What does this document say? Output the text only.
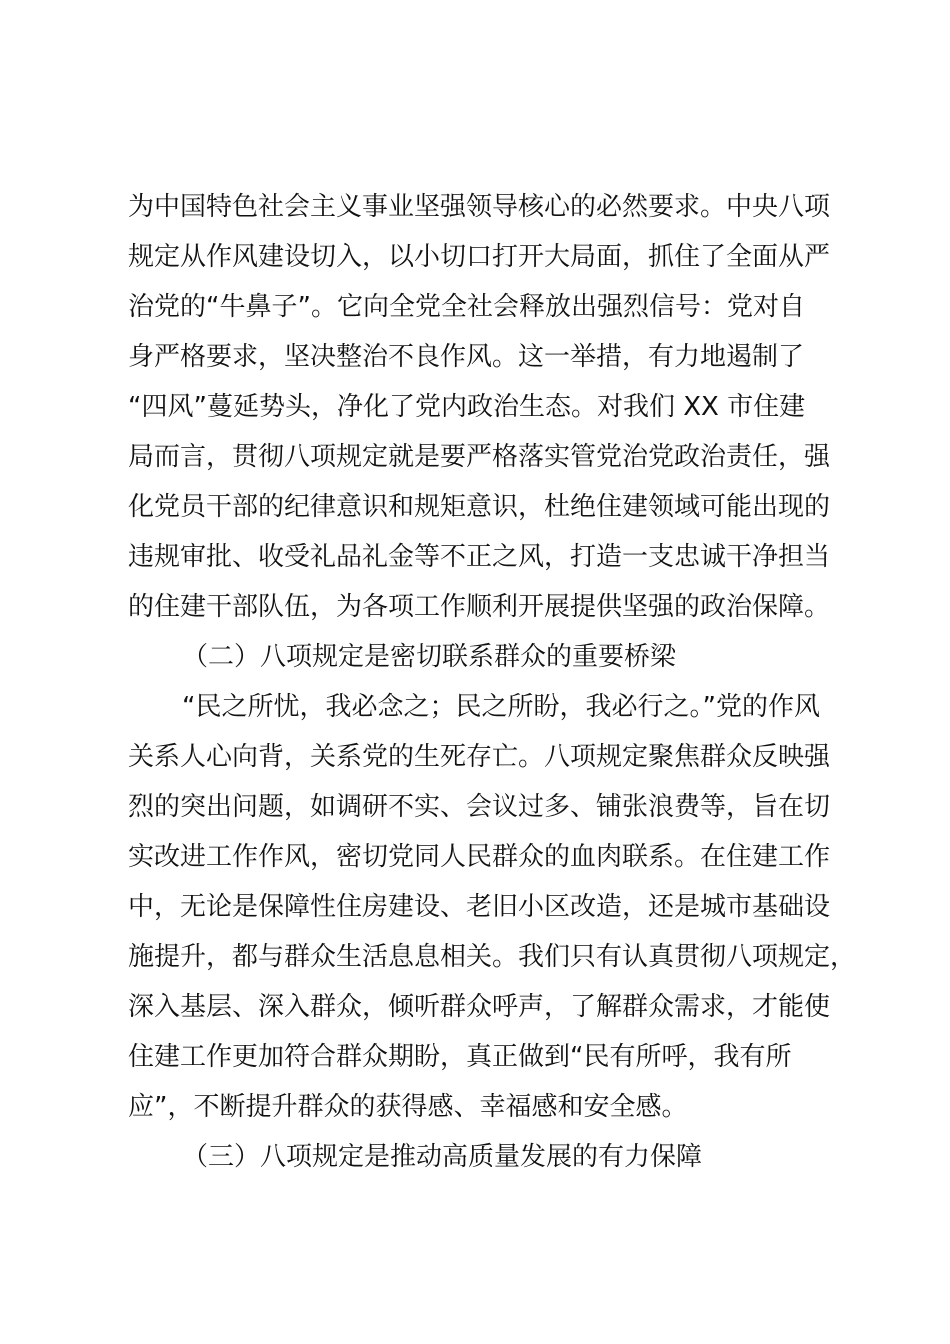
为中国特色社会主义事业坚强领导核心的必然要求。中央八项
规定从作风建设切入，以小切口打开大局面，抓住了全面从严
治党的“牛鼻子”。它向全党全社会释放出强烈信号：党对自
身严格要求，坚决整治不良作风。这一举措，有力地遏制了
“四风”蔓延势头，净化了党内政治生态。对我们 XX 市住建
局而言，贯彻八项规定就是要严格落实管党治党政治责任，强
化党员干部的纪律意识和规矩意识，杜绝住建领域可能出现的
违规审批、收受礼品礼金等不正之风，打造一支忠诚干净担当
的住建干部队伍，为各项工作顺利开展提供坚强的政治保障。
（二）八项规定是密切联系群众的重要桥梁
“民之所忧，我必念之；民之所盼，我必行之。”党的作风
关系人心向背，关系党的生死存亡。八项规定聚焦群众反映强
烈的突出问题，如调研不实、会议过多、铺张浪费等，旨在切
实改进工作作风，密切党同人民群众的血肉联系。在住建工作
中，无论是保障性住房建设、老旧小区改造，还是城市基础设
施提升，都与群众生活息息相关。我们只有认真贯彻八项规定，
深入基层、深入群众，倾听群众呼声，了解群众需求，才能使
住建工作更加符合群众期盼，真正做到“民有所呼，我有所
应”，不断提升群众的获得感、幸福感和安全感。
（三）八项规定是推动高质量发展的有力保障
